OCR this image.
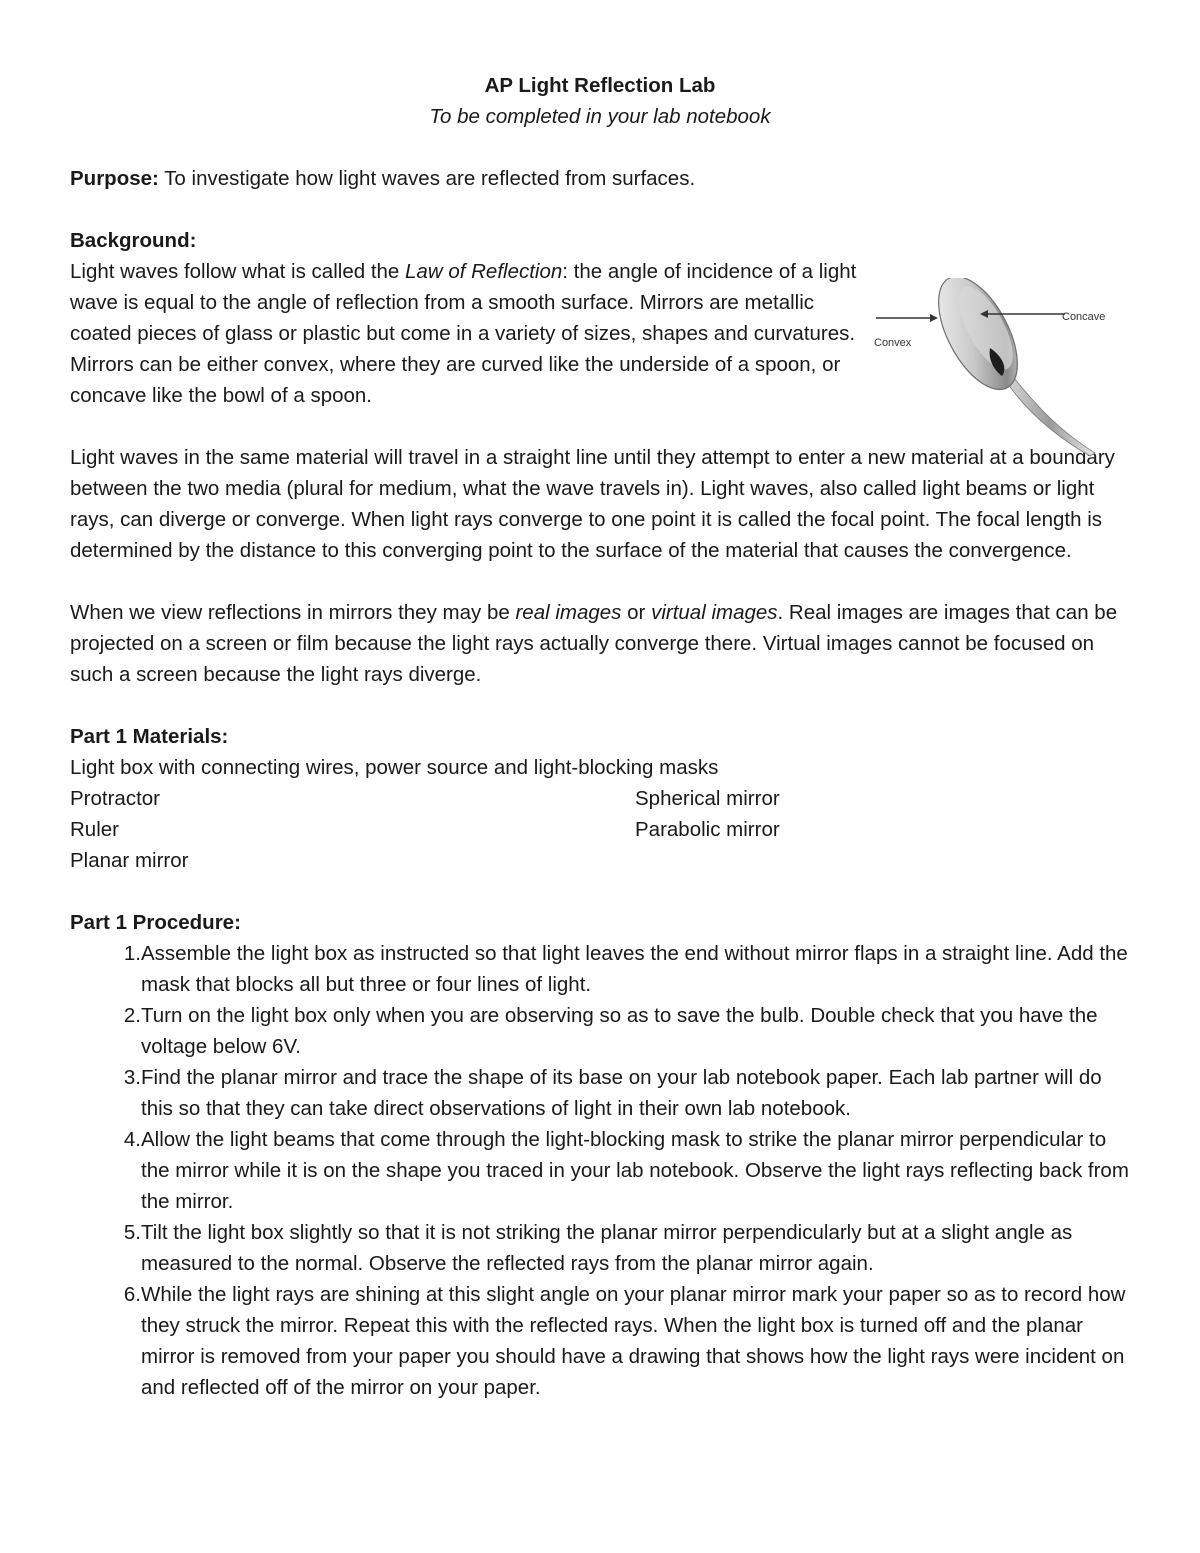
AP Light Reflection Lab
To be completed in your lab notebook
Purpose: To investigate how light waves are reflected from surfaces.
Background:
Light waves follow what is called the Law of Reflection: the angle of incidence of a light wave is equal to the angle of reflection from a smooth surface. Mirrors are metallic coated pieces of glass or plastic but come in a variety of sizes, shapes and curvatures. Mirrors can be either convex, where they are curved like the underside of a spoon, or concave like the bowl of a spoon.
Convex
Concave
Light waves in the same material will travel in a straight line until they attempt to enter a new material at a boundary between the two media (plural for medium, what the wave travels in). Light waves, also called light beams or light rays, can diverge or converge. When light rays converge to one point it is called the focal point. The focal length is determined by the distance to this converging point to the surface of the material that causes the convergence.
When we view reflections in mirrors they may be real images or virtual images. Real images are images that can be projected on a screen or film because the light rays actually converge there. Virtual images cannot be focused on such a screen because the light rays diverge.
Part 1 Materials:
Light box with connecting wires, power source and light-blocking masks
Protractor	Spherical mirror
Ruler	Parabolic mirror
Planar mirror
Part 1 Procedure:
1. Assemble the light box as instructed so that light leaves the end without mirror flaps in a straight line. Add the mask that blocks all but three or four lines of light.
2. Turn on the light box only when you are observing so as to save the bulb. Double check that you have the voltage below 6V.
3. Find the planar mirror and trace the shape of its base on your lab notebook paper. Each lab partner will do this so that they can take direct observations of light in their own lab notebook.
4. Allow the light beams that come through the light-blocking mask to strike the planar mirror perpendicular to the mirror while it is on the shape you traced in your lab notebook. Observe the light rays reflecting back from the mirror.
5. Tilt the light box slightly so that it is not striking the planar mirror perpendicularly but at a slight angle as measured to the normal. Observe the reflected rays from the planar mirror again.
6. While the light rays are shining at this slight angle on your planar mirror mark your paper so as to record how they struck the mirror. Repeat this with the reflected rays. When the light box is turned off and the planar mirror is removed from your paper you should have a drawing that shows how the light rays were incident on and reflected off of the mirror on your paper.
